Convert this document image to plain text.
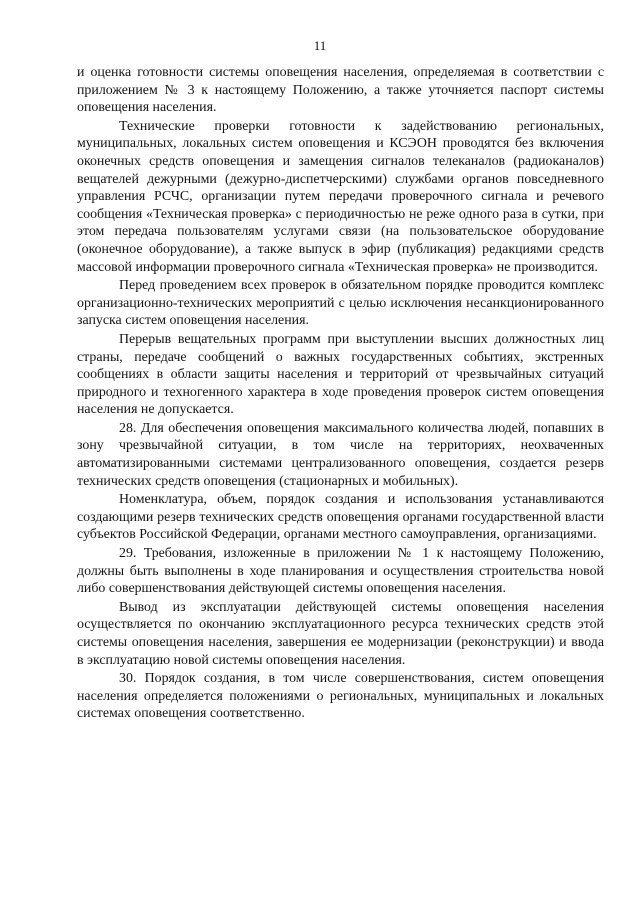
11

и оценка готовности системы оповещения населения, определяемая в соответствии с приложением № 3 к настоящему Положению, а также уточняется паспорт системы оповещения населения.

Технические проверки готовности к задействованию региональных, муниципальных, локальных систем оповещения и КСЭОН проводятся без включения оконечных средств оповещения и замещения сигналов телеканалов (радиоканалов) вещателей дежурными (дежурно-диспетчерскими) службами органов повседневного управления РСЧС, организации путем передачи проверочного сигнала и речевого сообщения «Техническая проверка» с периодичностью не реже одного раза в сутки, при этом передача пользователям услугами связи (на пользовательское оборудование (оконечное оборудование), а также выпуск в эфир (публикация) редакциями средств массовой информации проверочного сигнала «Техническая проверка» не производится.

Перед проведением всех проверок в обязательном порядке проводится комплекс организационно-технических мероприятий с целью исключения несанкционированного запуска систем оповещения населения.

Перерыв вещательных программ при выступлении высших должностных лиц страны, передаче сообщений о важных государственных событиях, экстренных сообщениях в области защиты населения и территорий от чрезвычайных ситуаций природного и техногенного характера в ходе проведения проверок систем оповещения населения не допускается.

28. Для обеспечения оповещения максимального количества людей, попавших в зону чрезвычайной ситуации, в том числе на территориях, неохваченных автоматизированными системами централизованного оповещения, создается резерв технических средств оповещения (стационарных и мобильных).

Номенклатура, объем, порядок создания и использования устанавливаются создающими резерв технических средств оповещения органами государственной власти субъектов Российской Федерации, органами местного самоуправления, организациями.

29. Требования, изложенные в приложении № 1 к настоящему Положению, должны быть выполнены в ходе планирования и осуществления строительства новой либо совершенствования действующей системы оповещения населения.

Вывод из эксплуатации действующей системы оповещения населения осуществляется по окончанию эксплуатационного ресурса технических средств этой системы оповещения населения, завершения ее модернизации (реконструкции) и ввода в эксплуатацию новой системы оповещения населения.

30. Порядок создания, в том числе совершенствования, систем оповещения населения определяется положениями о региональных, муниципальных и локальных системах оповещения соответственно.
